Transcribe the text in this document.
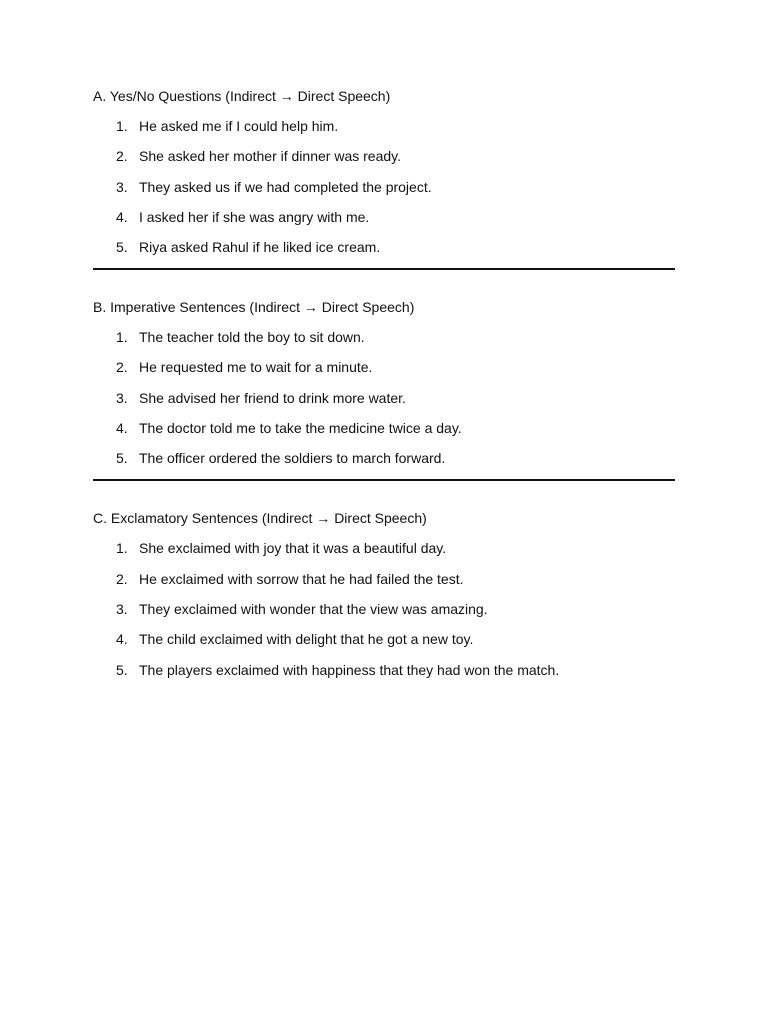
A. Yes/No Questions (Indirect → Direct Speech)
1. He asked me if I could help him.
2. She asked her mother if dinner was ready.
3. They asked us if we had completed the project.
4. I asked her if she was angry with me.
5. Riya asked Rahul if he liked ice cream.
B. Imperative Sentences (Indirect → Direct Speech)
1. The teacher told the boy to sit down.
2. He requested me to wait for a minute.
3. She advised her friend to drink more water.
4. The doctor told me to take the medicine twice a day.
5. The officer ordered the soldiers to march forward.
C. Exclamatory Sentences (Indirect → Direct Speech)
1. She exclaimed with joy that it was a beautiful day.
2. He exclaimed with sorrow that he had failed the test.
3. They exclaimed with wonder that the view was amazing.
4. The child exclaimed with delight that he got a new toy.
5. The players exclaimed with happiness that they had won the match.
